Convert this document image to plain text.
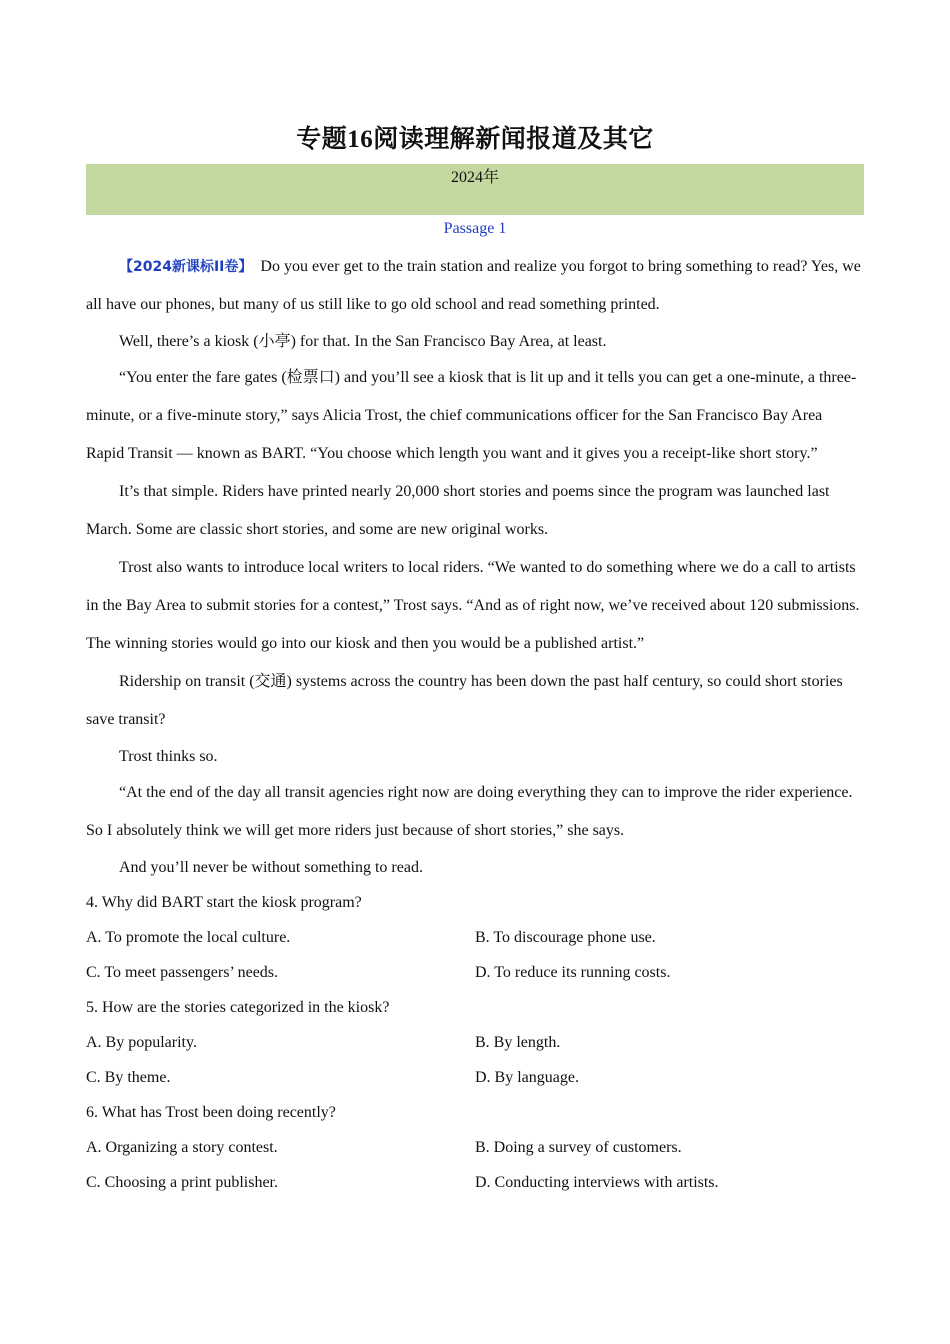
专题16阅读理解新闻报道及其它
2024年
Passage 1

【2024新课标ⅠⅠ卷】 Do you ever get to the train station and realize you forgot to bring something to read? Yes, we all have our phones, but many of us still like to go old school and read something printed.

Well, there’s a kiosk (小亭) for that. In the San Francisco Bay Area, at least.

“You enter the fare gates (检票口) and you’ll see a kiosk that is lit up and it tells you can get a one-minute, a three-minute, or a five-minute story,” says Alicia Trost, the chief communications officer for the San Francisco Bay Area Rapid Transit — known as BART. “You choose which length you want and it gives you a receipt-like short story.”

It’s that simple. Riders have printed nearly 20,000 short stories and poems since the program was launched last March. Some are classic short stories, and some are new original works.

Trost also wants to introduce local writers to local riders. “We wanted to do something where we do a call to artists in the Bay Area to submit stories for a contest,” Trost says. “And as of right now, we’ve received about 120 submissions. The winning stories would go into our kiosk and then you would be a published artist.”

Ridership on transit (交通) systems across the country has been down the past half century, so could short stories save transit?

Trost thinks so.

“At the end of the day all transit agencies right now are doing everything they can to improve the rider experience. So I absolutely think we will get more riders just because of short stories,” she says.

And you’ll never be without something to read.

4. Why did BART start the kiosk program?

A. To promote the local culture.	B. To discourage phone use.
C. To meet passengers’ needs.	D. To reduce its running costs.

5. How are the stories categorized in the kiosk?

A. By popularity.	B. By length.
C. By theme.	D. By language.

6. What has Trost been doing recently?

A. Organizing a story contest.	B. Doing a survey of customers.
C. Choosing a print publisher.	D. Conducting interviews with artists.
